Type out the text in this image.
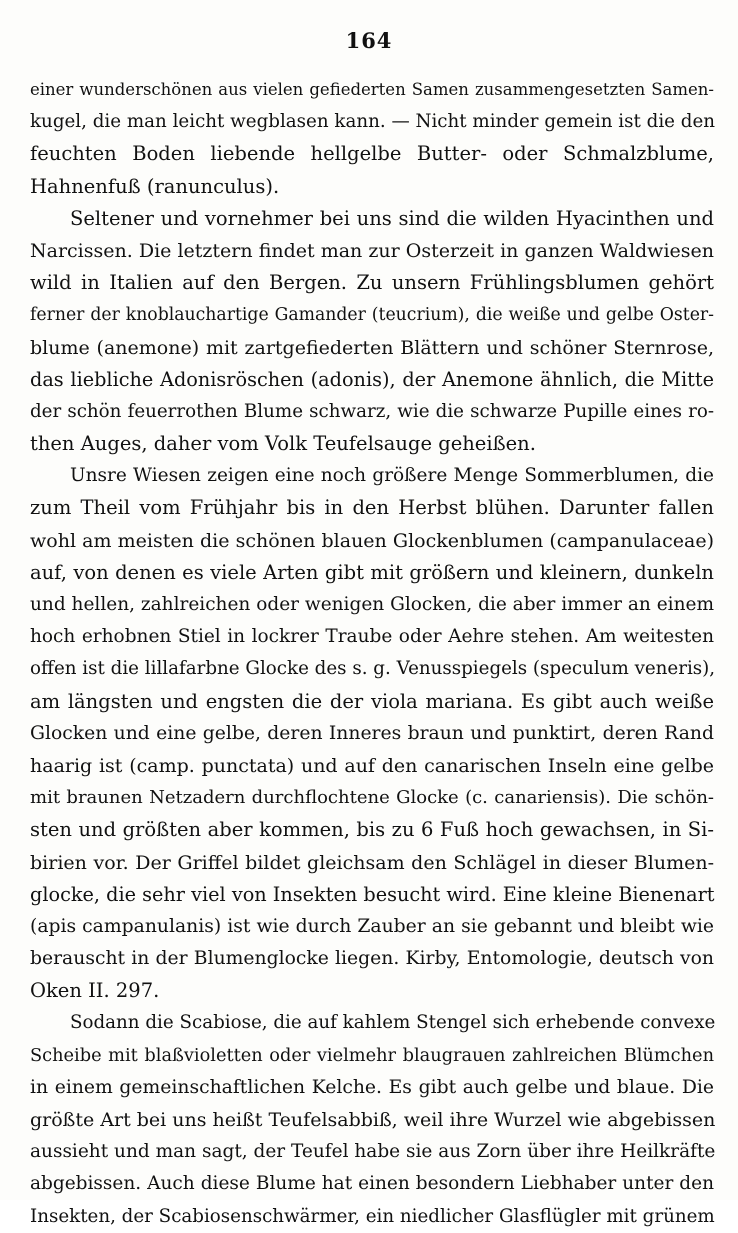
164
einer wunderschönen aus vielen gefiederten Samen zusammengesetzten Samen-
kugel, die man leicht wegblasen kann. — Nicht minder gemein ist die den
feuchten Boden liebende hellgelbe Butter- oder Schmalzblume,
Hahnenfuß (ranunculus).
Seltener und vornehmer bei uns sind die wilden Hyacinthen und
Narcissen. Die letztern findet man zur Osterzeit in ganzen Waldwiesen
wild in Italien auf den Bergen. Zu unsern Frühlingsblumen gehört
ferner der knoblauchartige Gamander (teucrium), die weiße und gelbe Oster-
blume (anemone) mit zartgefiederten Blättern und schöner Sternrose,
das liebliche Adonisröschen (adonis), der Anemone ähnlich, die Mitte
der schön feuerrothen Blume schwarz, wie die schwarze Pupille eines ro-
then Auges, daher vom Volk Teufelsauge geheißen.
Unsre Wiesen zeigen eine noch größere Menge Sommerblumen, die
zum Theil vom Frühjahr bis in den Herbst blühen. Darunter fallen
wohl am meisten die schönen blauen Glockenblumen (campanulaceae)
auf, von denen es viele Arten gibt mit größern und kleinern, dunkeln
und hellen, zahlreichen oder wenigen Glocken, die aber immer an einem
hoch erhobnen Stiel in lockrer Traube oder Aehre stehen. Am weitesten
offen ist die lillafarbne Glocke des s. g. Venusspiegels (speculum veneris),
am längsten und engsten die der viola mariana. Es gibt auch weiße
Glocken und eine gelbe, deren Inneres braun und punktirt, deren Rand
haarig ist (camp. punctata) und auf den canarischen Inseln eine gelbe
mit braunen Netzadern durchflochtene Glocke (c. canariensis). Die schön-
sten und größten aber kommen, bis zu 6 Fuß hoch gewachsen, in Si-
birien vor. Der Griffel bildet gleichsam den Schlägel in dieser Blumen-
glocke, die sehr viel von Insekten besucht wird. Eine kleine Bienenart
(apis campanulanis) ist wie durch Zauber an sie gebannt und bleibt wie
berauscht in der Blumenglocke liegen. Kirby, Entomologie, deutsch von
Oken II. 297.
Sodann die Scabiose, die auf kahlem Stengel sich erhebende convexe
Scheibe mit blaßvioletten oder vielmehr blaugrauen zahlreichen Blümchen
in einem gemeinschaftlichen Kelche. Es gibt auch gelbe und blaue. Die
größte Art bei uns heißt Teufelsabbiß, weil ihre Wurzel wie abgebissen
aussieht und man sagt, der Teufel habe sie aus Zorn über ihre Heilkräfte
abgebissen. Auch diese Blume hat einen besondern Liebhaber unter den
Insekten, der Scabiosenschwärmer, ein niedlicher Glasflügler mit grünem
